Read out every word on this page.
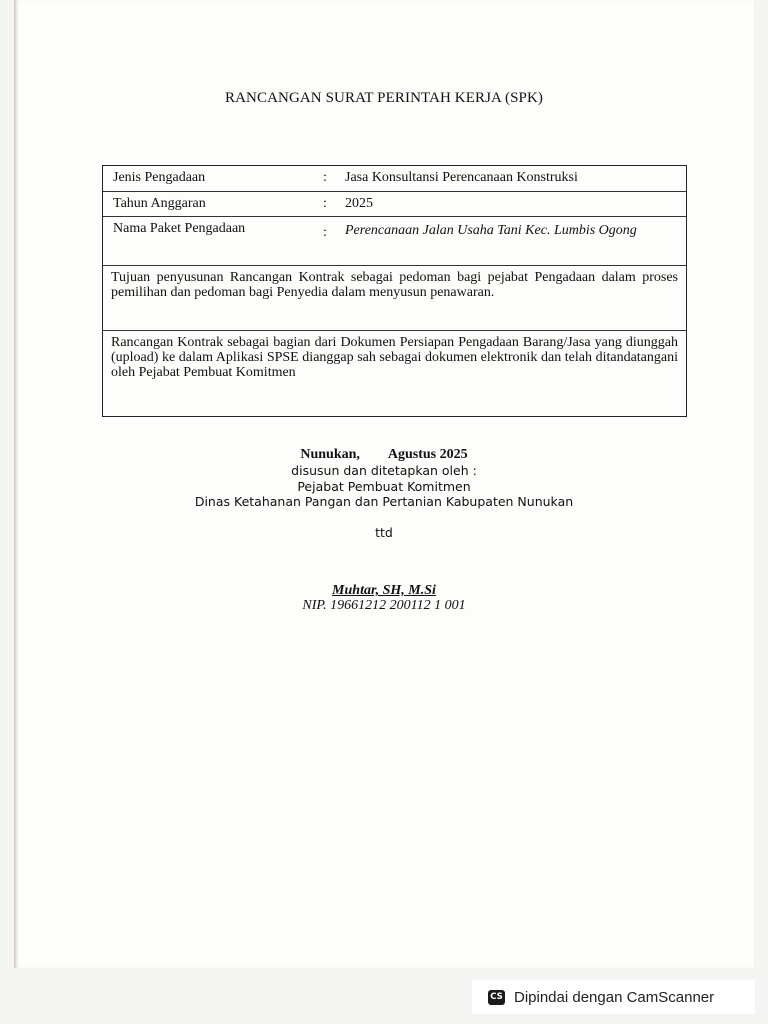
RANCANGAN SURAT PERINTAH KERJA (SPK)
Jenis Pengadaan	: Jasa Konsultansi Perencanaan Konstruksi
Tahun Anggaran	: 2025
Nama Paket Pengadaan	: Perencanaan Jalan Usaha Tani Kec. Lumbis Ogong
Tujuan penyusunan Rancangan Kontrak sebagai pedoman bagi pejabat Pengadaan dalam proses pemilihan dan pedoman bagi Penyedia dalam menyusun penawaran.
Rancangan Kontrak sebagai bagian dari Dokumen Persiapan Pengadaan Barang/Jasa yang diunggah (upload) ke dalam Aplikasi SPSE dianggap sah sebagai dokumen elektronik dan telah ditandatangani oleh Pejabat Pembuat Komitmen
Nunukan, Agustus 2025
disusun dan ditetapkan oleh :
Pejabat Pembuat Komitmen
Dinas Ketahanan Pangan dan Pertanian Kabupaten Nunukan
ttd
Muhtar, SH, M.Si
NIP. 19661212 200112 1 001
CS Dipindai dengan CamScanner
